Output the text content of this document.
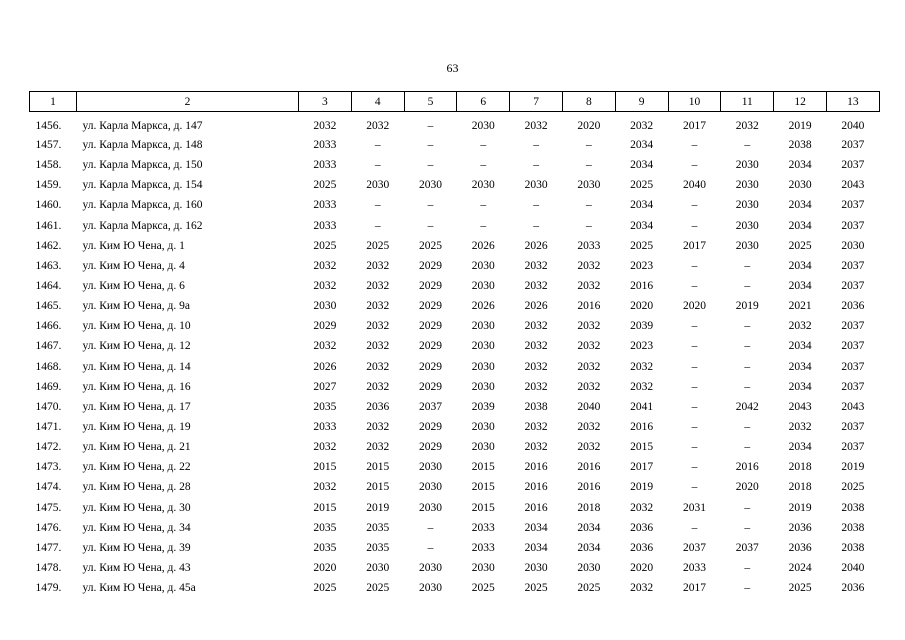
63
1	2	3	4	5	6	7	8	9	10	11	12	13
1456.	ул. Карла Маркса, д. 147	2032	2032	–	2030	2032	2020	2032	2017	2032	2019	2040
1457.	ул. Карла Маркса, д. 148	2033	–	–	–	–	–	2034	–	–	2038	2037
1458.	ул. Карла Маркса, д. 150	2033	–	–	–	–	–	2034	–	2030	2034	2037
1459.	ул. Карла Маркса, д. 154	2025	2030	2030	2030	2030	2030	2025	2040	2030	2030	2043
1460.	ул. Карла Маркса, д. 160	2033	–	–	–	–	–	2034	–	2030	2034	2037
1461.	ул. Карла Маркса, д. 162	2033	–	–	–	–	–	2034	–	2030	2034	2037
1462.	ул. Ким Ю Чена, д. 1	2025	2025	2025	2026	2026	2033	2025	2017	2030	2025	2030
1463.	ул. Ким Ю Чена, д. 4	2032	2032	2029	2030	2032	2032	2023	–	–	2034	2037
1464.	ул. Ким Ю Чена, д. 6	2032	2032	2029	2030	2032	2032	2016	–	–	2034	2037
1465.	ул. Ким Ю Чена, д. 9а	2030	2032	2029	2026	2026	2016	2020	2020	2019	2021	2036
1466.	ул. Ким Ю Чена, д. 10	2029	2032	2029	2030	2032	2032	2039	–	–	2032	2037
1467.	ул. Ким Ю Чена, д. 12	2032	2032	2029	2030	2032	2032	2023	–	–	2034	2037
1468.	ул. Ким Ю Чена, д. 14	2026	2032	2029	2030	2032	2032	2032	–	–	2034	2037
1469.	ул. Ким Ю Чена, д. 16	2027	2032	2029	2030	2032	2032	2032	–	–	2034	2037
1470.	ул. Ким Ю Чена, д. 17	2035	2036	2037	2039	2038	2040	2041	–	2042	2043	2043
1471.	ул. Ким Ю Чена, д. 19	2033	2032	2029	2030	2032	2032	2016	–	–	2032	2037
1472.	ул. Ким Ю Чена, д. 21	2032	2032	2029	2030	2032	2032	2015	–	–	2034	2037
1473.	ул. Ким Ю Чена, д. 22	2015	2015	2030	2015	2016	2016	2017	–	2016	2018	2019
1474.	ул. Ким Ю Чена, д. 28	2032	2015	2030	2015	2016	2016	2019	–	2020	2018	2025
1475.	ул. Ким Ю Чена, д. 30	2015	2019	2030	2015	2016	2018	2032	2031	–	2019	2038
1476.	ул. Ким Ю Чена, д. 34	2035	2035	–	2033	2034	2034	2036	–	–	2036	2038
1477.	ул. Ким Ю Чена, д. 39	2035	2035	–	2033	2034	2034	2036	2037	2037	2036	2038
1478.	ул. Ким Ю Чена, д. 43	2020	2030	2030	2030	2030	2030	2020	2033	–	2024	2040
1479.	ул. Ким Ю Чена, д. 45а	2025	2025	2030	2025	2025	2025	2032	2017	–	2025	2036
